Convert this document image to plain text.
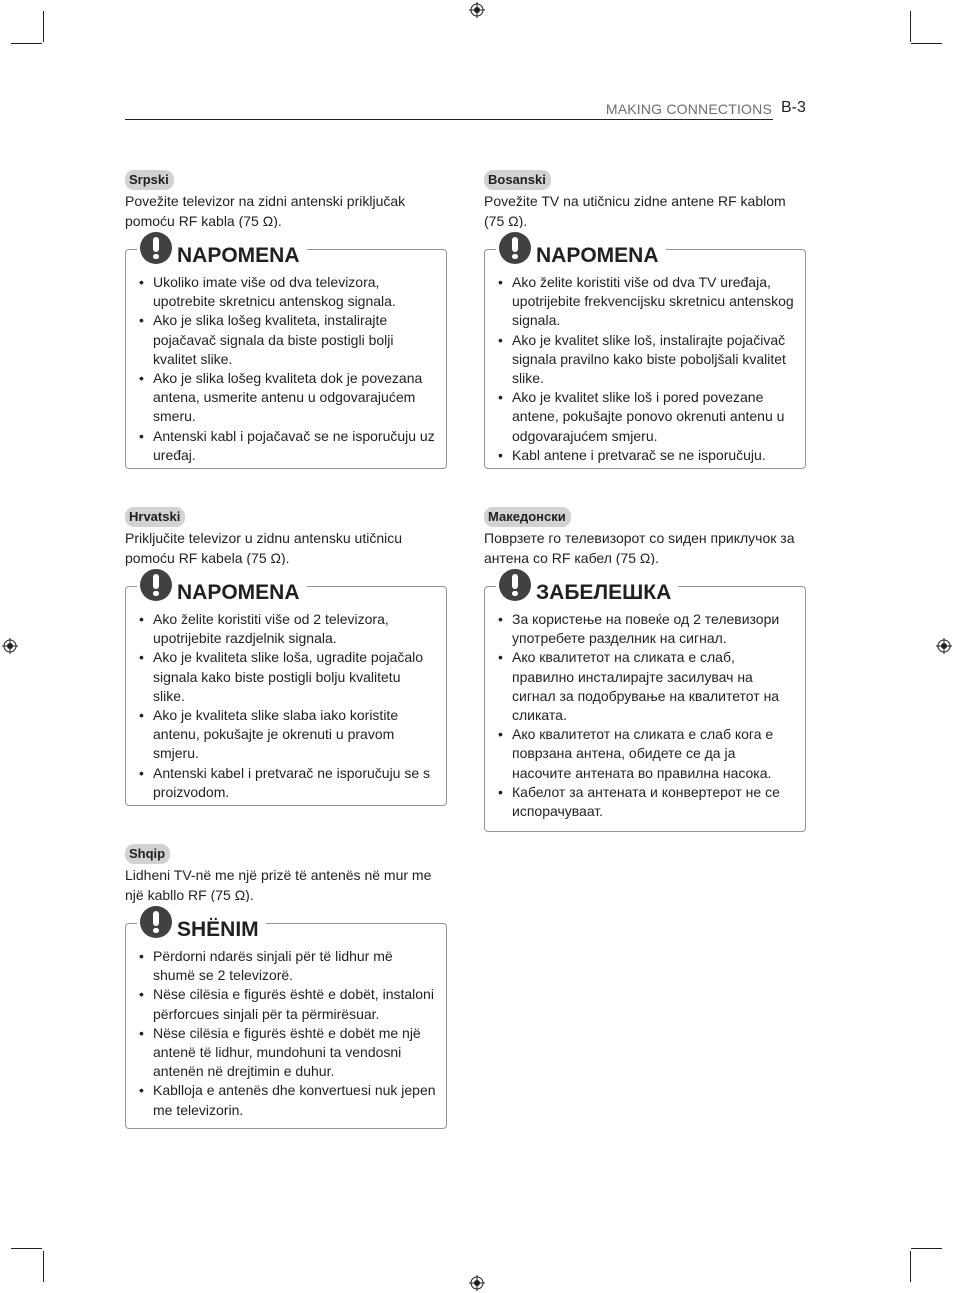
MAKING CONNECTIONS B-3
Srpski
Povežite televizor na zidni antenski priključak pomoću RF kabla (75 Ω).
NAPOMENA
• Ukoliko imate više od dva televizora, upotrebite skretnicu antenskog signala.
• Ako je slika lošeg kvaliteta, instalirajte pojačavač signala da biste postigli bolji kvalitet slike.
• Ako je slika lošeg kvaliteta dok je povezana antena, usmerite antenu u odgovarajućem smeru.
• Antenski kabl i pojačavač se ne isporučuju uz uređaj.
Bosanski
Povežite TV na utičnicu zidne antene RF kablom (75 Ω).
NAPOMENA
• Ako želite koristiti više od dva TV uređaja, upotrijebite frekvencijsku skretnicu antenskog signala.
• Ako je kvalitet slike loš, instalirajte pojačivač signala pravilno kako biste poboljšali kvalitet slike.
• Ako je kvalitet slike loš i pored povezane antene, pokušajte ponovo okrenuti antenu u odgovarajućem smjeru.
• Kabl antene i pretvarač se ne isporučuju.
Hrvatski
Priključite televizor u zidnu antensku utičnicu pomoću RF kabela (75 Ω).
NAPOMENA
• Ako želite koristiti više od 2 televizora, upotrijebite razdjelnik signala.
• Ako je kvaliteta slike loša, ugradite pojačalo signala kako biste postigli bolju kvalitetu slike.
• Ako je kvaliteta slike slaba iako koristite antenu, pokušajte je okrenuti u pravom smjeru.
• Antenski kabel i pretvarač ne isporučuju se s proizvodom.
Македонски
Поврзете го телевизорот со ѕиден приклучок за антена со RF кабел (75 Ω).
ЗАБЕЛЕШКА
• За користење на повеќе од 2 телевизори употребете разделник на сигнал.
• Ако квалитетот на сликата е слаб, правилно инсталирајте засилувач на сигнал за подобрување на квалитетот на сликата.
• Ако квалитетот на сликата е слаб кога е поврзана антена, обидете се да ја насочите антената во правилна насока.
• Кабелот за антената и конвертерот не се испорачуваат.
Shqip
Lidheni TV-në me një prizë të antenës në mur me një kabllo RF (75 Ω).
SHËNIM
• Përdorni ndarës sinjali për të lidhur më shumë se 2 televizorë.
• Nëse cilësia e figurës është e dobët, instaloni përforcues sinjali për ta përmirësuar.
• Nëse cilësia e figurës është e dobët me një antenë të lidhur, mundohuni ta vendosni antenën në drejtimin e duhur.
• Kablloja e antenës dhe konvertuesi nuk jepen me televizorin.
